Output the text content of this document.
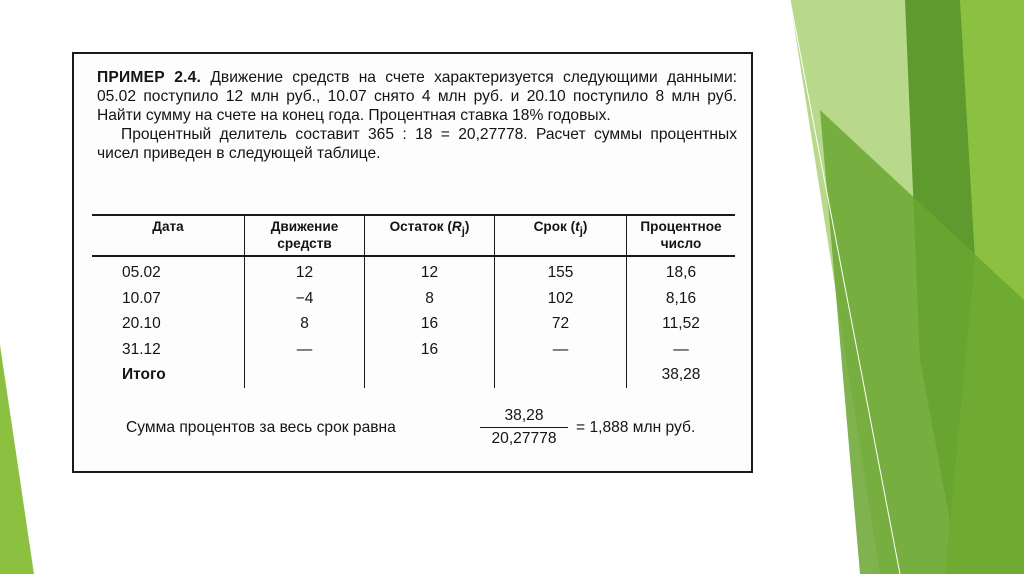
ПРИМЕР 2.4. Движение средств на счете характеризуется следующими данными: 05.02 поступило 12 млн руб., 10.07 снято 4 млн руб. и 20.10 поступило 8 млн руб. Найти сумму на счете на конец года. Процентная ставка 18% годовых.
Процентный делитель составит 365 : 18 = 20,27778. Расчет суммы процентных чисел приведен в следующей таблице.
Дата	Движение средств	Остаток $(R_j)$	Срок $(t_j)$	Процентное число
05.02	12	12	155	18,6
10.07	−4	8	102	8,16
20.10	8	16	72	11,52
31.12	—	16	—	—
Итого				38,28
Сумма процентов за весь срок равна
38,28
20,27778
= 1,888 млн руб.
